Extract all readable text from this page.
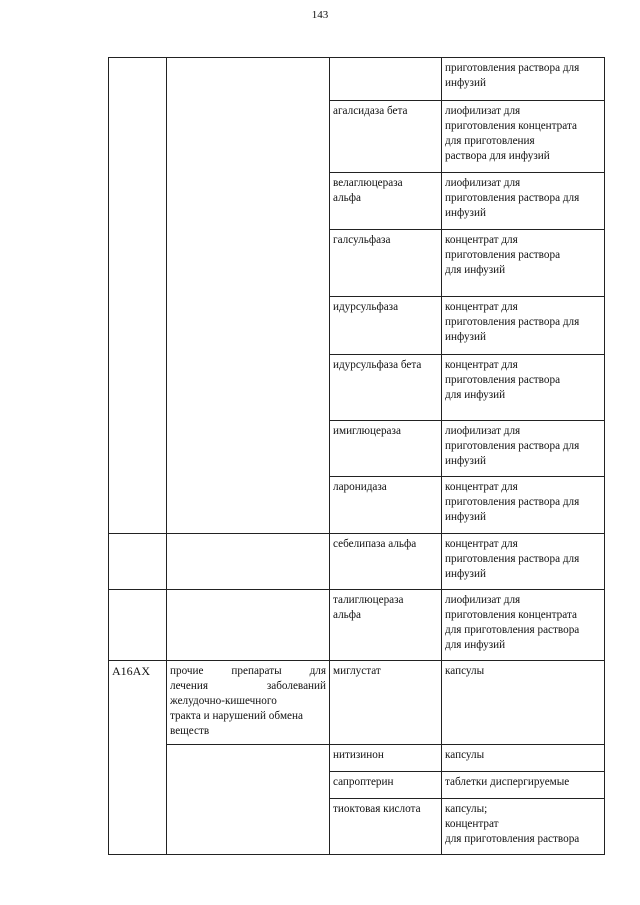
143

			приготовления раствора для
инфузий

		агалсидаза бета	лиофилизат для
приготовления концентрата
для приготовления
раствора для инфузий

		велаглюцераза
альфа	лиофилизат для
приготовления раствора для
инфузий

		галсульфаза	концентрат для
приготовления раствора
для инфузий

		идурсульфаза	концентрат для
приготовления раствора для
инфузий

		идурсульфаза бета	концентрат для
приготовления раствора
для инфузий

		имиглюцераза	лиофилизат для
приготовления раствора для
инфузий

		ларонидаза	концентрат для
приготовления раствора для
инфузий

		себелипаза альфа	концентрат для
приготовления раствора для
инфузий

		талиглюцераза
альфа	лиофилизат для
приготовления концентрата
для приготовления раствора
для инфузий

A16AX	прочие препараты для
лечения заболеваний
желудочно-кишечного
тракта и нарушений обмена
веществ	миглустат	капсулы

		нитизинон	капсулы

		сапроптерин	таблетки диспергируемые

		тиоктовая кислота	капсулы;
концентрат
для приготовления раствора
